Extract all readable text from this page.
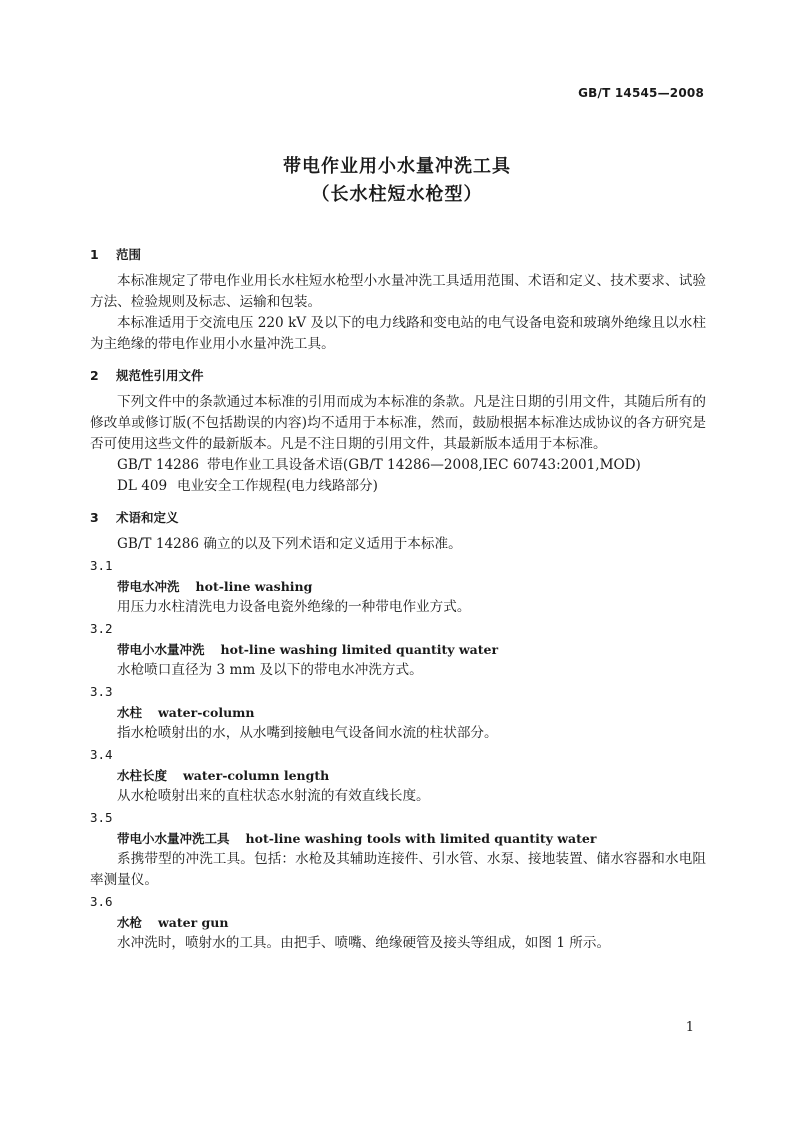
GB/T 14545—2008
带电作业用小水量冲洗工具
（长水柱短水枪型）
1 范围
本标准规定了带电作业用长水柱短水枪型小水量冲洗工具适用范围、术语和定义、技术要求、试验方法、检验规则及标志、运输和包装。
本标准适用于交流电压 220 kV 及以下的电力线路和变电站的电气设备电瓷和玻璃外绝缘且以水柱为主绝缘的带电作业用小水量冲洗工具。
2 规范性引用文件
下列文件中的条款通过本标准的引用而成为本标准的条款。凡是注日期的引用文件，其随后所有的修改单或修订版(不包括勘误的内容)均不适用于本标准，然而，鼓励根据本标准达成协议的各方研究是否可使用这些文件的最新版本。凡是不注日期的引用文件，其最新版本适用于本标准。
GB/T 14286 带电作业工具设备术语(GB/T 14286—2008,IEC 60743:2001,MOD)
DL 409 电业安全工作规程(电力线路部分)
3 术语和定义
GB/T 14286 确立的以及下列术语和定义适用于本标准。
3.1
带电水冲洗 hot-line washing
用压力水柱清洗电力设备电瓷外绝缘的一种带电作业方式。
3.2
带电小水量冲洗 hot-line washing limited quantity water
水枪喷口直径为 3 mm 及以下的带电水冲洗方式。
3.3
水柱 water-column
指水枪喷射出的水，从水嘴到接触电气设备间水流的柱状部分。
3.4
水柱长度 water-column length
从水枪喷射出来的直柱状态水射流的有效直线长度。
3.5
带电小水量冲洗工具 hot-line washing tools with limited quantity water
系携带型的冲洗工具。包括：水枪及其辅助连接件、引水管、水泵、接地装置、储水容器和水电阻率测量仪。
3.6
水枪 water gun
水冲洗时，喷射水的工具。由把手、喷嘴、绝缘硬管及接头等组成，如图 1 所示。
1
